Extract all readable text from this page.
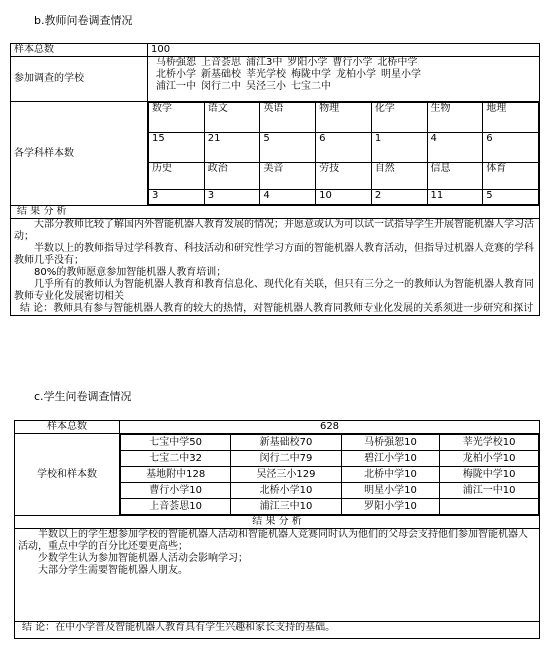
b.教师问卷调查情况
样本总数	100
参加调查的学校	
马桥强恕 上音荟思 浦江3中 罗阳小学 曹行小学 北桥中学
北桥小学 新基础校 莘光学校 梅陇中学 龙柏小学 明星小学
浦江一中 闵行二中 吴泾三小 七宝二中

各学科样本数	
数学	语文	英语	物理	化学	生物	地理
15	21	5	6	1	4	6
历史	政治	美音	劳技	自然	信息	体育
3	3	4	10	2	11	5

结 果 分 析

大部分教师比较了解国内外智能机器人教育发展的情况；并愿意或认为可以试一试指导学生开展智能机器人学习活动；
半数以上的教师指导过学科教育、科技活动和研究性学习方面的智能机器人教育活动，但指导过机器人竞赛的学科教师几乎没有；
80%的教师愿意参加智能机器人教育培训；
几乎所有的教师认为智能机器人教育和教育信息化、现代化有关联，但只有三分之一的教师认为智能机器人教育同教师专业化发展密切相关
结 论：教师具有参与智能机器人教育的较大的热情，对智能机器人教育同教师专业化发展的关系须进一步研究和探讨
c.学生问卷调查情况
样本总数	628
学校和样本数	
七宝中学50	新基础校70	马桥强恕10	莘光学校10
七宝二中32	闵行二中79	碧江小学10	龙柏小学10
基地附中128	吴泾三小129	北桥中学10	梅陇中学10
曹行小学10	北桥小学10	明星小学10	浦江一中10
上音荟思10	浦江三中10	罗阳小学10	

结 果 分 析

半数以上的学生想参加学校的智能机器人活动和智能机器人竞赛同时认为他们的父母会支持他们参加智能机器人活动，重点中学的百分比还要更高些；
少数学生认为参加智能机器人活动会影响学习；
大部分学生需要智能机器人朋友。

结 论：在中小学普及智能机器人教育具有学生兴趣和家长支持的基础。
